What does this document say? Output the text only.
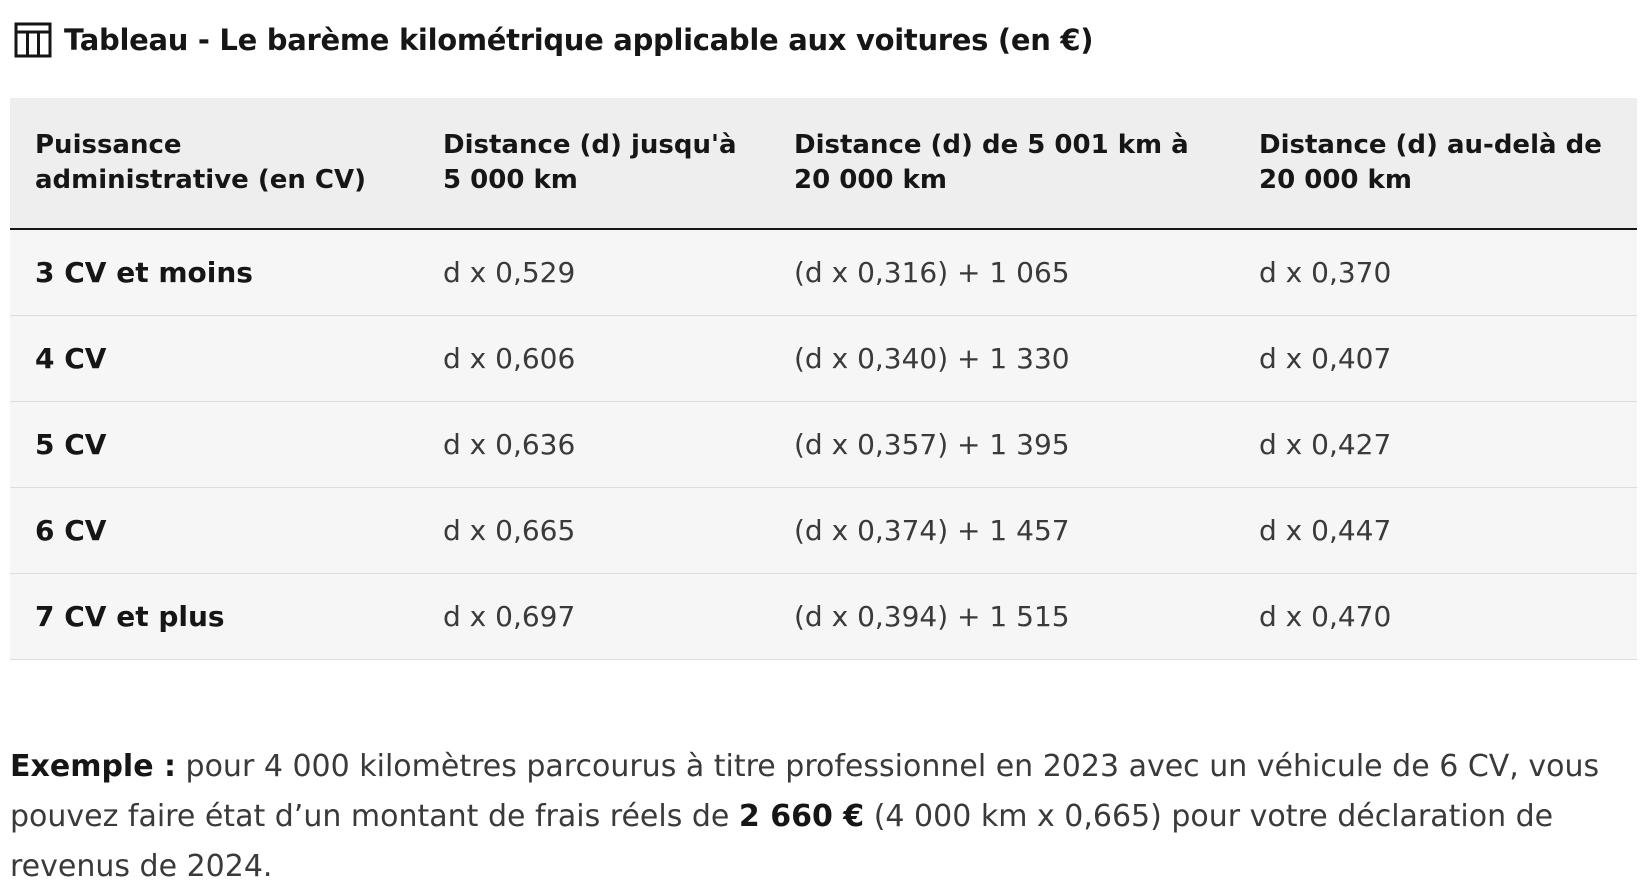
Tableau - Le barème kilométrique applicable aux voitures (en €)
Puissance administrative (en CV)	Distance (d) jusqu'à 5 000 km	Distance (d) de 5 001 km à 20 000 km	Distance (d) au-delà de 20 000 km
3 CV et moins	d x 0,529	(d x 0,316) + 1 065	d x 0,370
4 CV	d x 0,606	(d x 0,340) + 1 330	d x 0,407
5 CV	d x 0,636	(d x 0,357) + 1 395	d x 0,427
6 CV	d x 0,665	(d x 0,374) + 1 457	d x 0,447
7 CV et plus	d x 0,697	(d x 0,394) + 1 515	d x 0,470

Exemple : pour 4 000 kilomètres parcourus à titre professionnel en 2023 avec un véhicule de 6 CV, vous pouvez faire état d’un montant de frais réels de 2 660 € (4 000 km x 0,665) pour votre déclaration de revenus de 2024.
